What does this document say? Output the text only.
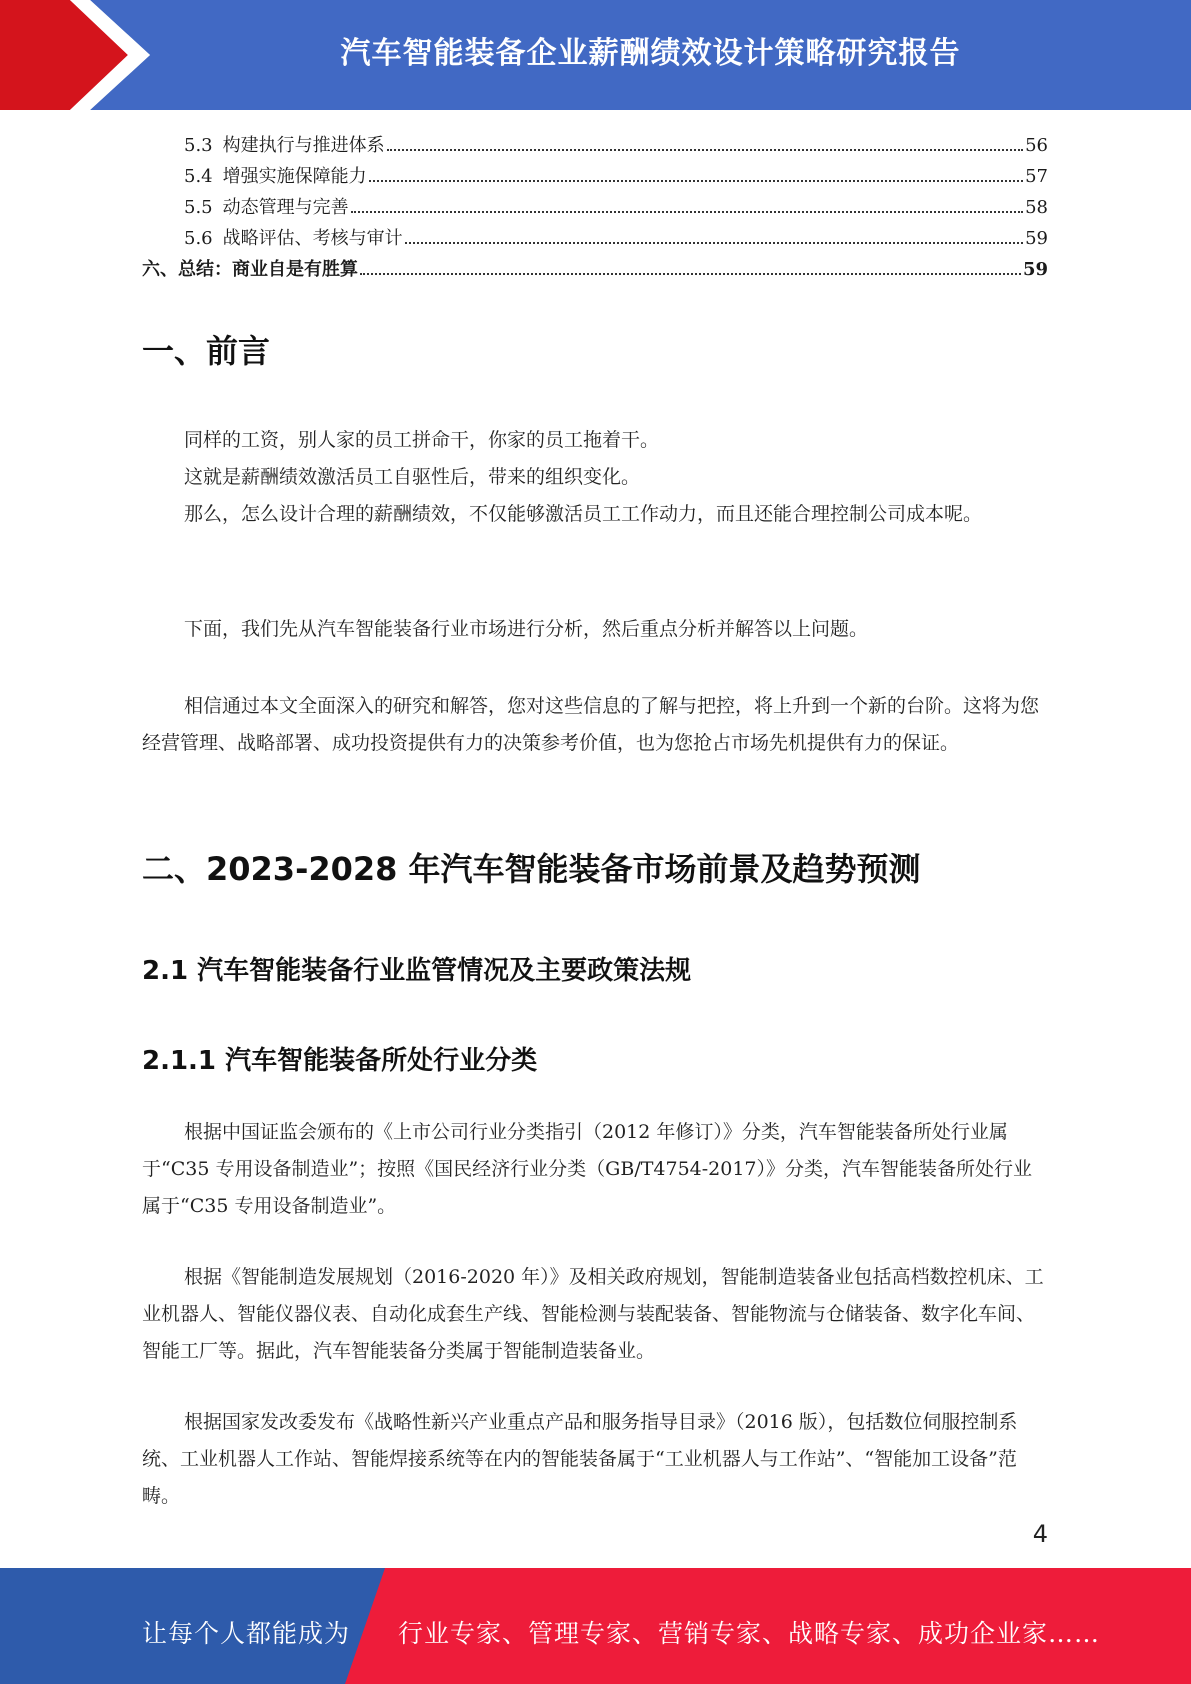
汽车智能装备企业薪酬绩效设计策略研究报告
5.3 构建执行与推进体系	56
5.4 增强实施保障能力	57
5.5 动态管理与完善	58
5.6 战略评估、考核与审计	59
六、总结：商业自是有胜算	59
一、前言

同样的工资，别人家的员工拼命干，你家的员工拖着干。

这就是薪酬绩效激活员工自驱性后，带来的组织变化。

那么，怎么设计合理的薪酬绩效，不仅能够激活员工工作动力，而且还能合理控制公司成本呢。

下面，我们先从汽车智能装备行业市场进行分析，然后重点分析并解答以上问题。

相信通过本文全面深入的研究和解答，您对这些信息的了解与把控，将上升到一个新的台阶。这将为您经营管理、战略部署、成功投资提供有力的决策参考价值，也为您抢占市场先机提供有力的保证。

二、2023-2028 年汽车智能装备市场前景及趋势预测
2.1 汽车智能装备行业监管情况及主要政策法规
2.1.1 汽车智能装备所处行业分类

根据中国证监会颁布的《上市公司行业分类指引（2012 年修订）》分类，汽车智能装备所处行业属于“C35 专用设备制造业”；按照《国民经济行业分类（GB/T4754-2017）》分类，汽车智能装备所处行业属于“C35 专用设备制造业”。

根据《智能制造发展规划（2016-2020 年）》及相关政府规划，智能制造装备业包括高档数控机床、工业机器人、智能仪器仪表、自动化成套生产线、智能检测与装配装备、智能物流与仓储装备、数字化车间、智能工厂等。据此，汽车智能装备分类属于智能制造装备业。

根据国家发改委发布《战略性新兴产业重点产品和服务指导目录》（2016 版），包括数位伺服控制系统、工业机器人工作站、智能焊接系统等在内的智能装备属于“工业机器人与工作站”、“智能加工设备”范畴。

4
让每个人都能成为 行业专家、管理专家、营销专家、战略专家、成功企业家……
